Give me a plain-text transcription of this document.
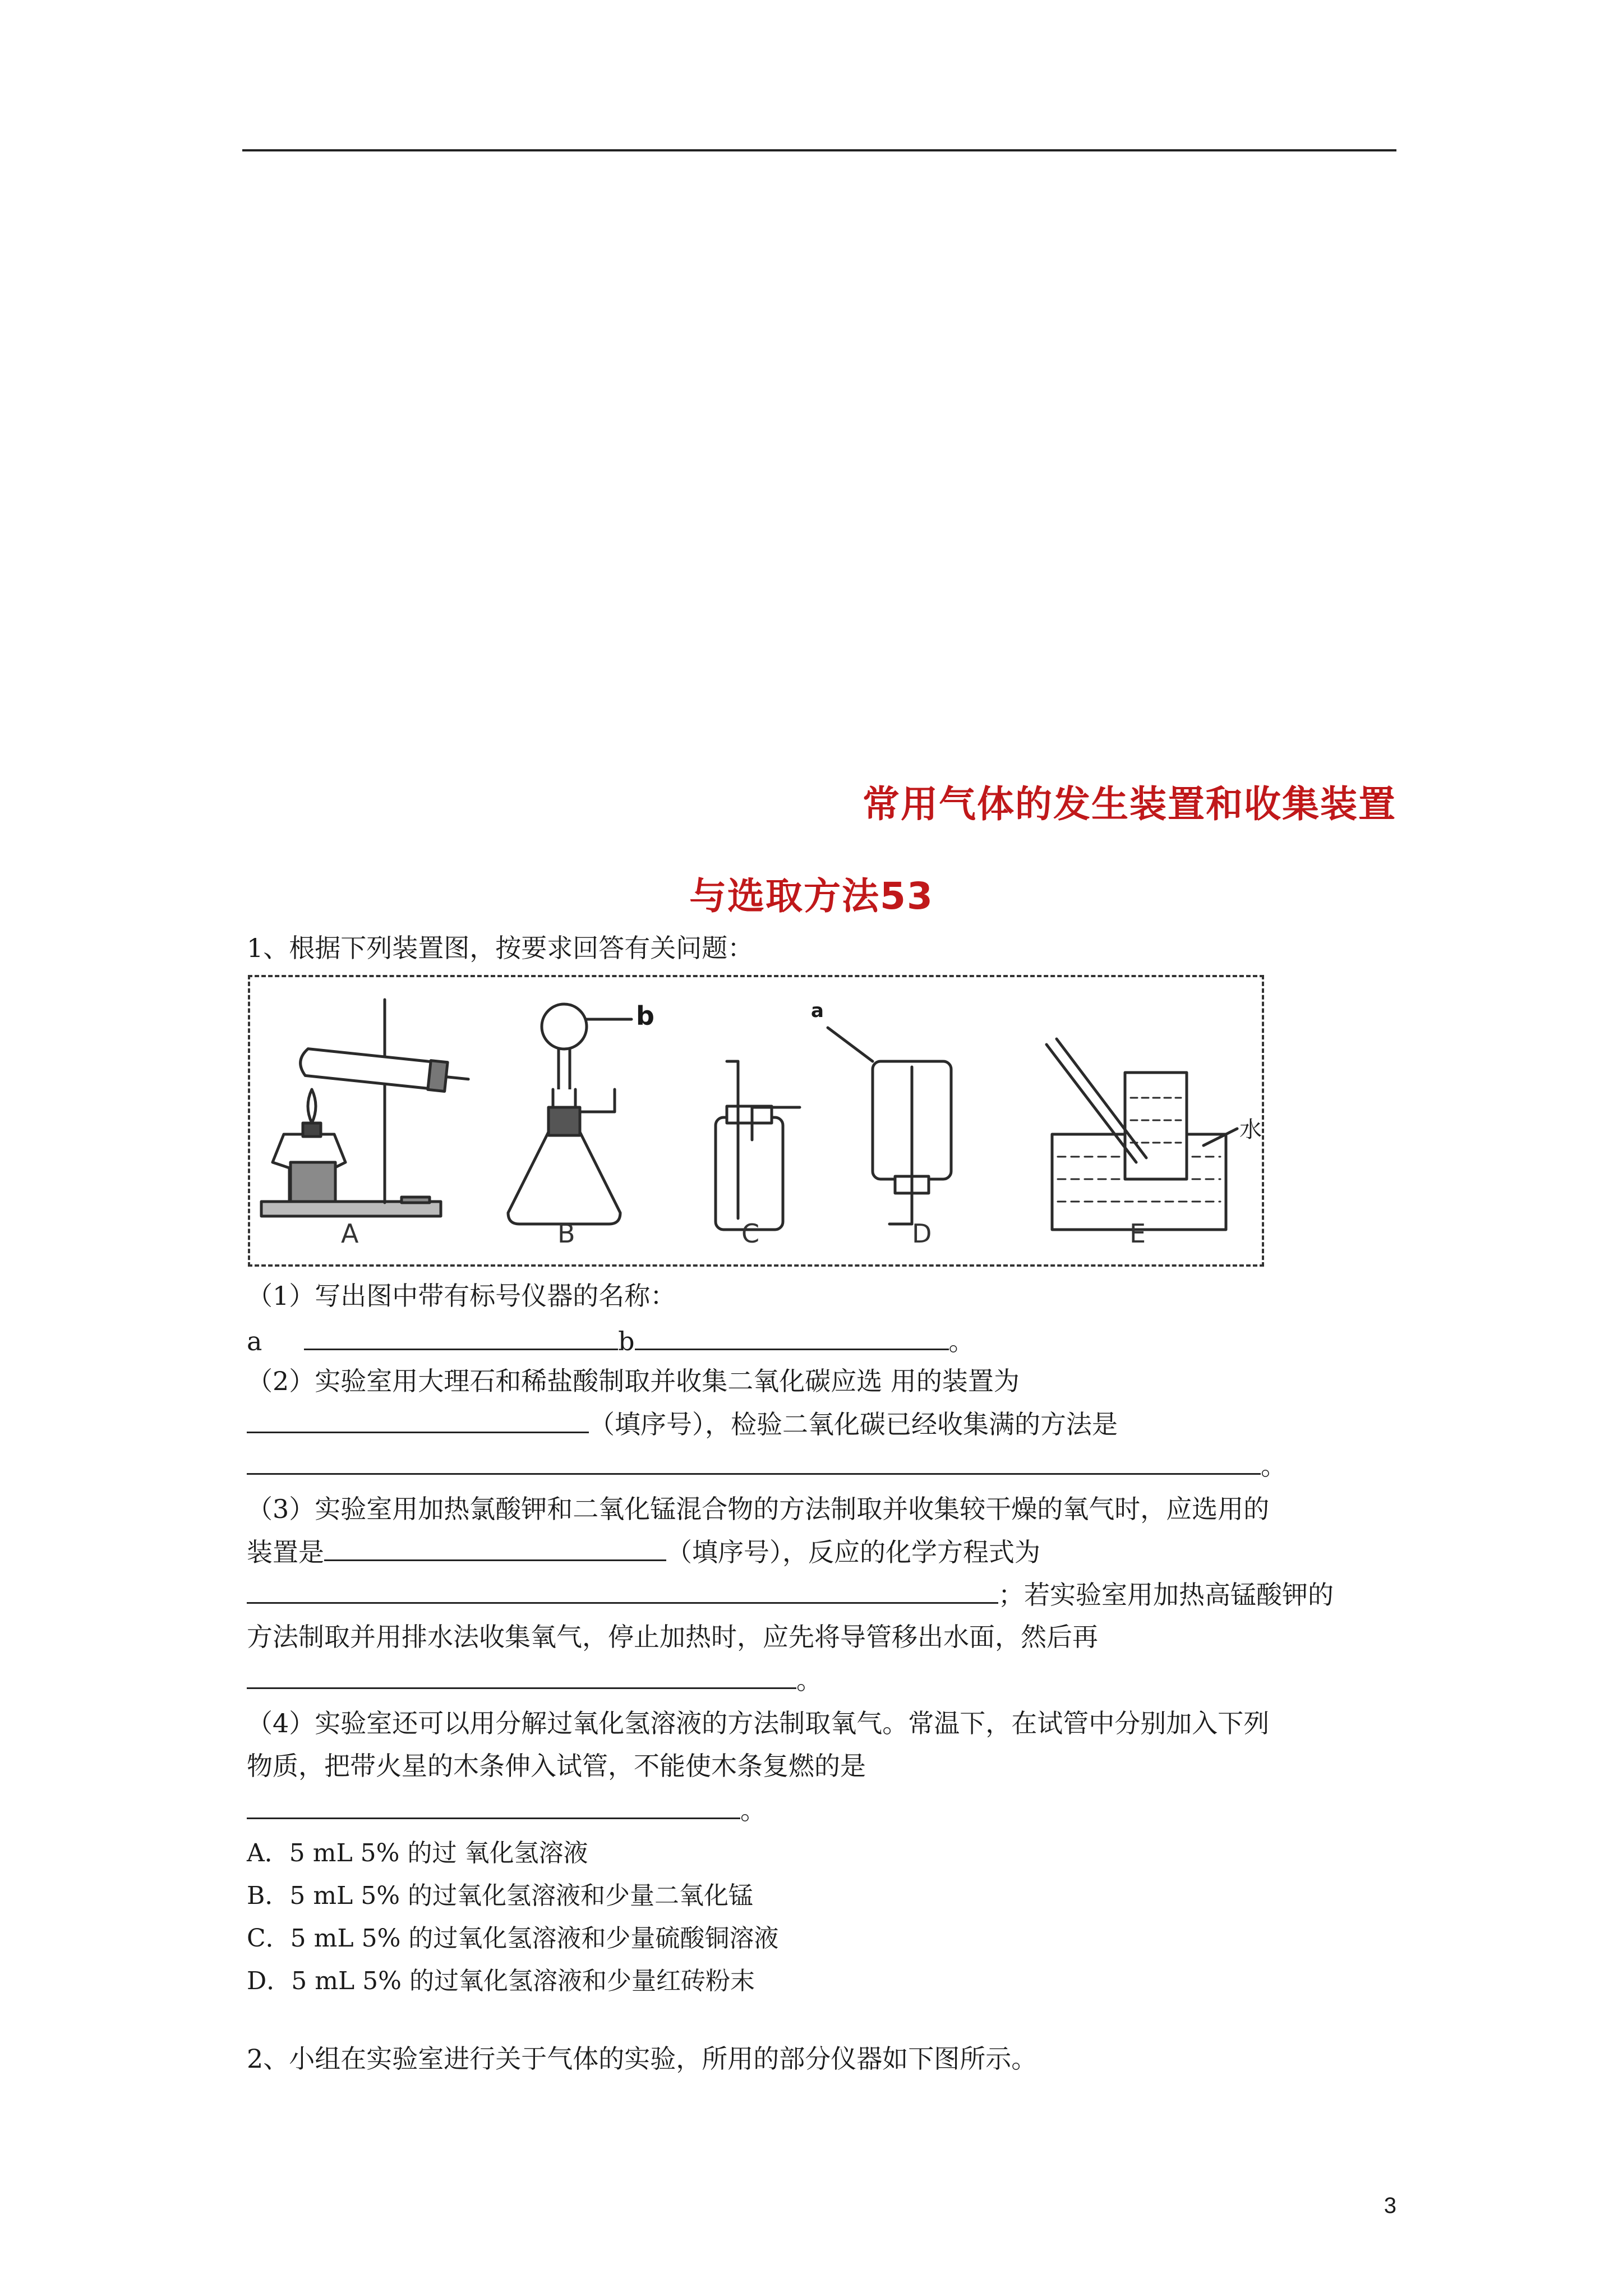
常用气体的发生装置和收集装置
与选取方法53
1、根据下列装置图，按要求回答有关问题：
b	a
水
A	B	C	D	E
（1）写出图中带有标号仪器的名称：
a	b	。
（2）实验室用大理石和稀盐酸制取并收集二氧化碳应选 用的装置为
（填序号），检验二氧化碳已经收集满的方法是
。
（3）实验室用加热氯酸钾和二氧化锰混合物的方法制取并收集较干燥的氧气时，应选用的
装置是	（填序号），反应的化学方程式为
；若实验室用加热高锰酸钾的
方法制取并用排水法收集氧气，停止加热时，应先将导管移出水面，然后再
。
（4）实验室还可以用分解过氧化氢溶液的方法制取氧气。常温下，在试管中分别加入下列
物质，把带火星的木条伸入试管，不能使木条复燃的是
。
A．5 mL 5% 的过 氧化氢溶液
B．5 mL 5% 的过氧化氢溶液和少量二氧化锰
C．5 mL 5% 的过氧化氢溶液和少量硫酸铜溶液
D．5 mL 5% 的过氧化氢溶液和少量红砖粉末
2、小组在实验室进行关于气体的实验，所用的部分仪器如下图所示。
3
